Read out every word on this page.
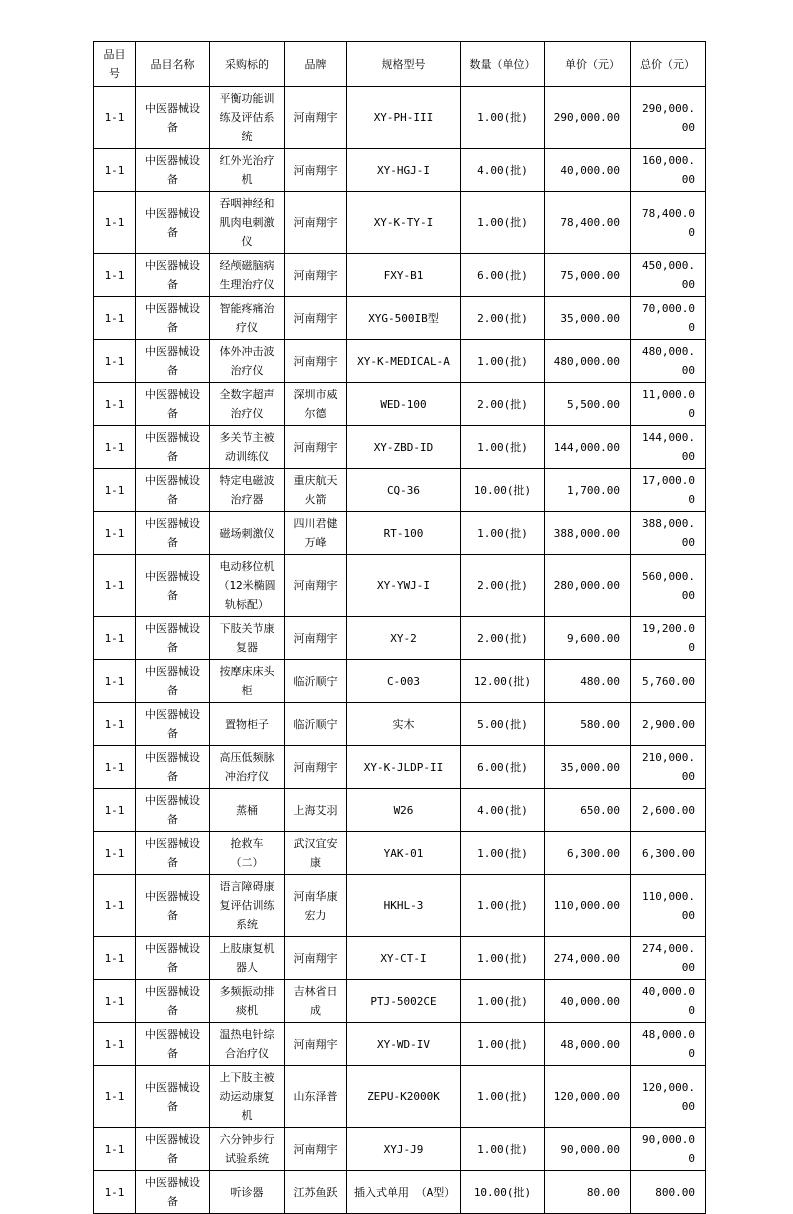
品目号	品目名称	采购标的	品牌	规格型号	数量（单位）	单价（元）	总价（元）
1-1	中医器械设备	平衡功能训练及评估系统	河南翔宇	XY-PH-III	1.00(批)	290,000.00	290,000.00
1-1	中医器械设备	红外光治疗机	河南翔宇	XY-HGJ-I	4.00(批)	40,000.00	160,000.00
1-1	中医器械设备	吞咽神经和肌肉电刺激仪	河南翔宇	XY-K-TY-I	1.00(批)	78,400.00	78,400.00
1-1	中医器械设备	经颅磁脑病生理治疗仪	河南翔宇	FXY-B1	6.00(批)	75,000.00	450,000.00
1-1	中医器械设备	智能疼痛治疗仪	河南翔宇	XYG-500IB型	2.00(批)	35,000.00	70,000.00
1-1	中医器械设备	体外冲击波治疗仪	河南翔宇	XY-K-MEDICAL-A	1.00(批)	480,000.00	480,000.00
1-1	中医器械设备	全数字超声治疗仪	深圳市威尔德	WED-100	2.00(批)	5,500.00	11,000.00
1-1	中医器械设备	多关节主被动训练仪	河南翔宇	XY-ZBD-ID	1.00(批)	144,000.00	144,000.00
1-1	中医器械设备	特定电磁波治疗器	重庆航天火箭	CQ-36	10.00(批)	1,700.00	17,000.00
1-1	中医器械设备	磁场刺激仪	四川君健万峰	RT-100	1.00(批)	388,000.00	388,000.00
1-1	中医器械设备	电动移位机（12米椭圆轨标配）	河南翔宇	XY-YWJ-I	2.00(批)	280,000.00	560,000.00
1-1	中医器械设备	下肢关节康复器	河南翔宇	XY-2	2.00(批)	9,600.00	19,200.00
1-1	中医器械设备	按摩床床头柜	临沂顺宁	C-003	12.00(批)	480.00	5,760.00
1-1	中医器械设备	置物柜子	临沂顺宁	实木	5.00(批)	580.00	2,900.00
1-1	中医器械设备	高压低频脉冲治疗仪	河南翔宇	XY-K-JLDP-II	6.00(批)	35,000.00	210,000.00
1-1	中医器械设备	蒸桶	上海艾羽	W26	4.00(批)	650.00	2,600.00
1-1	中医器械设备	抢救车（二）	武汉宜安康	YAK-01	1.00(批)	6,300.00	6,300.00
1-1	中医器械设备	语言障碍康复评估训练系统	河南华康宏力	HKHL-3	1.00(批)	110,000.00	110,000.00
1-1	中医器械设备	上肢康复机器人	河南翔宇	XY-CT-I	1.00(批)	274,000.00	274,000.00
1-1	中医器械设备	多频振动排痰机	吉林省日成	PTJ-5002CE	1.00(批)	40,000.00	40,000.00
1-1	中医器械设备	温热电针综合治疗仪	河南翔宇	XY-WD-IV	1.00(批)	48,000.00	48,000.00
1-1	中医器械设备	上下肢主被动运动康复机	山东泽普	ZEPU-K2000K	1.00(批)	120,000.00	120,000.00
1-1	中医器械设备	六分钟步行试验系统	河南翔宇	XYJ-J9	1.00(批)	90,000.00	90,000.00
1-1	中医器械设备	听诊器	江苏鱼跃	插入式单用 （A型）	10.00(批)	80.00	800.00
